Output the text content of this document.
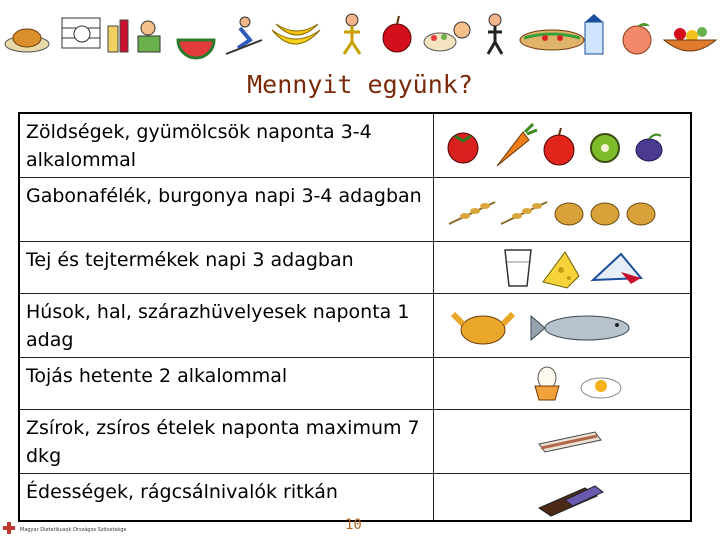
Mennyit együnk?
Zöldségek, gyümölcsök naponta 3-4 alkalommal
Gabonafélék, burgonya napi 3-4 adagban
Tej és tejtermékek napi 3 adagban
Húsok, hal, szárazhüvelyesek naponta 1 adag
Tojás hetente 2 alkalommal
Zsírok, zsíros ételek naponta maximum 7 dkg
Édességek, rágcsálnivalók ritkán
Magyar Dietetikusok Országos Szövetsége	10
